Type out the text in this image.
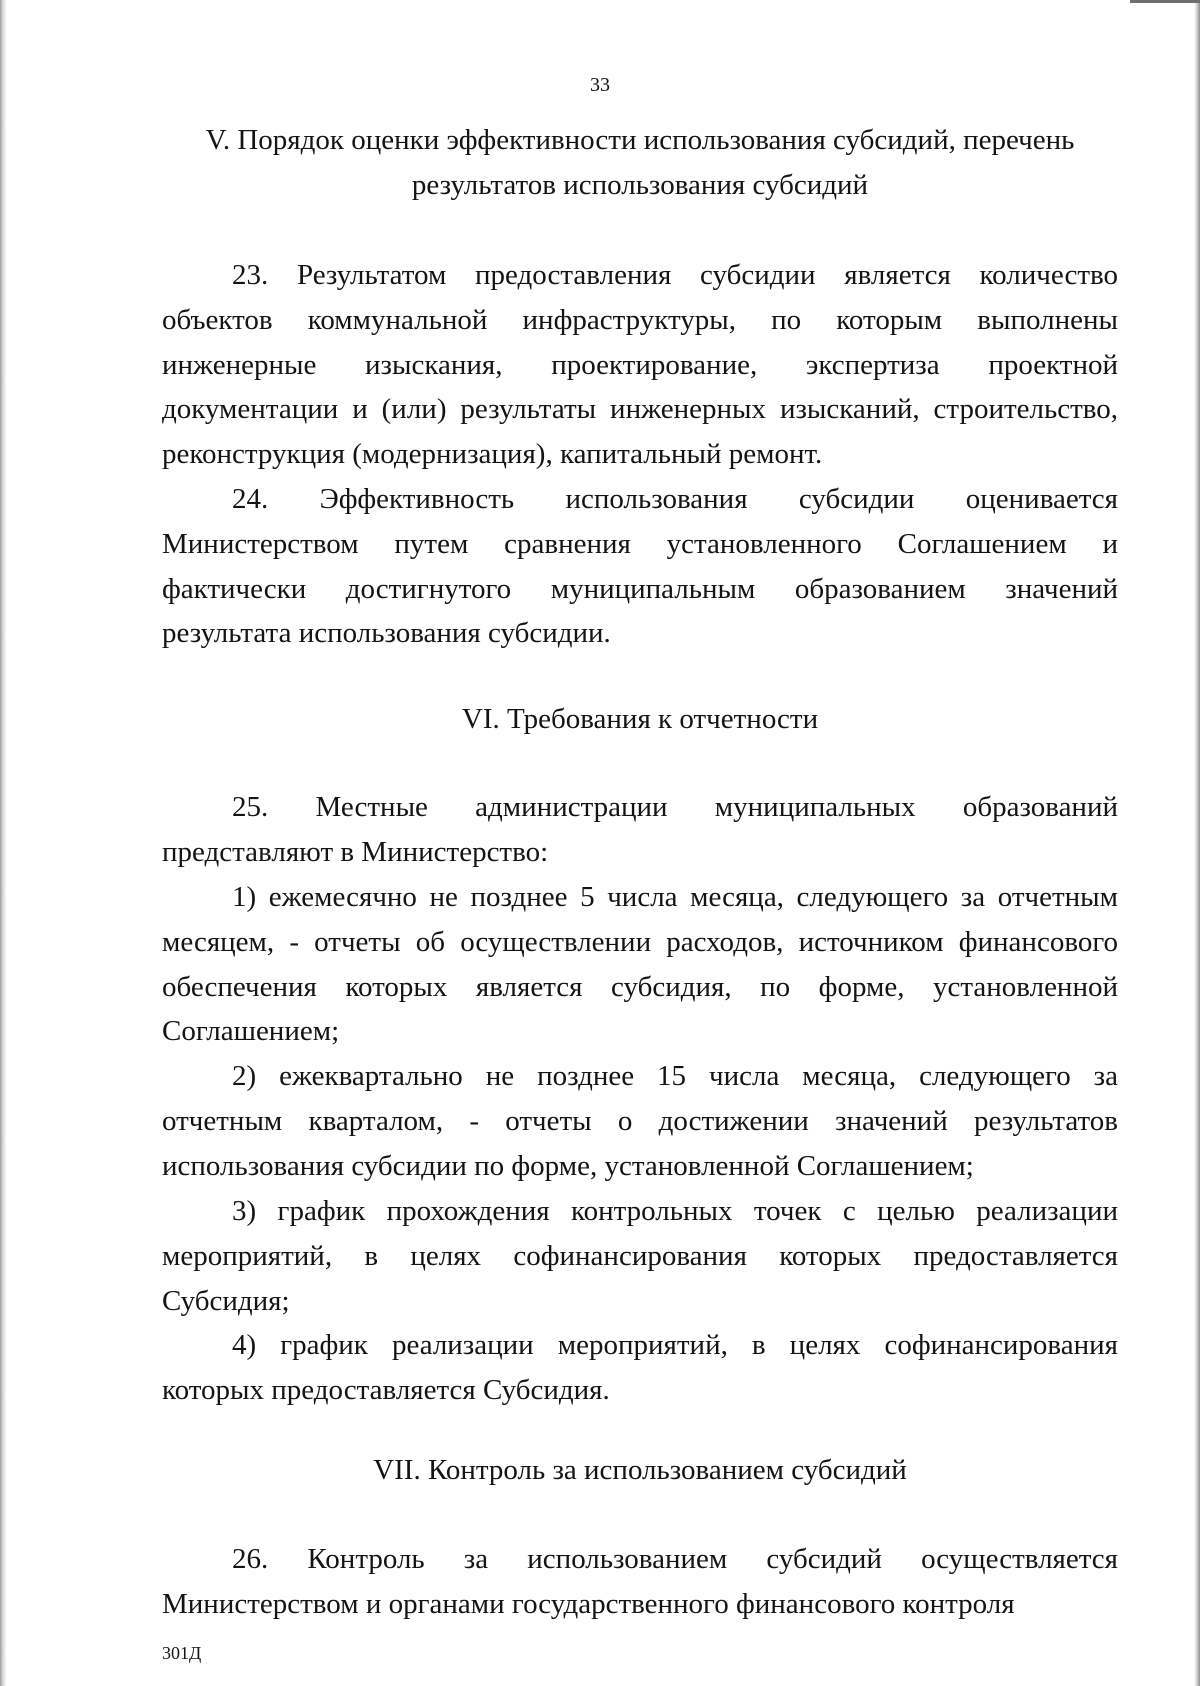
33
V. Порядок оценки эффективности использования субсидий, перечень результатов использования субсидий

23. Результатом предоставления субсидии является количество объектов коммунальной инфраструктуры, по которым выполнены инженерные изыскания, проектирование, экспертиза проектной документации и (или) результаты инженерных изысканий, строительство, реконструкция (модернизация), капитальный ремонт.

24. Эффективность использования субсидии оценивается Министерством путем сравнения установленного Соглашением и фактически достигнутого муниципальным образованием значений результата использования субсидии.

VI. Требования к отчетности

25. Местные администрации муниципальных образований представляют в Министерство:

1) ежемесячно не позднее 5 числа месяца, следующего за отчетным месяцем, - отчеты об осуществлении расходов, источником финансового обеспечения которых является субсидия, по форме, установленной Соглашением;

2) ежеквартально не позднее 15 числа месяца, следующего за отчетным кварталом, - отчеты о достижении значений результатов использования субсидии по форме, установленной Соглашением;

3) график прохождения контрольных точек с целью реализации мероприятий, в целях софинансирования которых предоставляется Субсидия;

4) график реализации мероприятий, в целях софинансирования которых предоставляется Субсидия.

VII. Контроль за использованием субсидий

26. Контроль за использованием субсидий осуществляется Министерством и органами государственного финансового контроля

301Д
